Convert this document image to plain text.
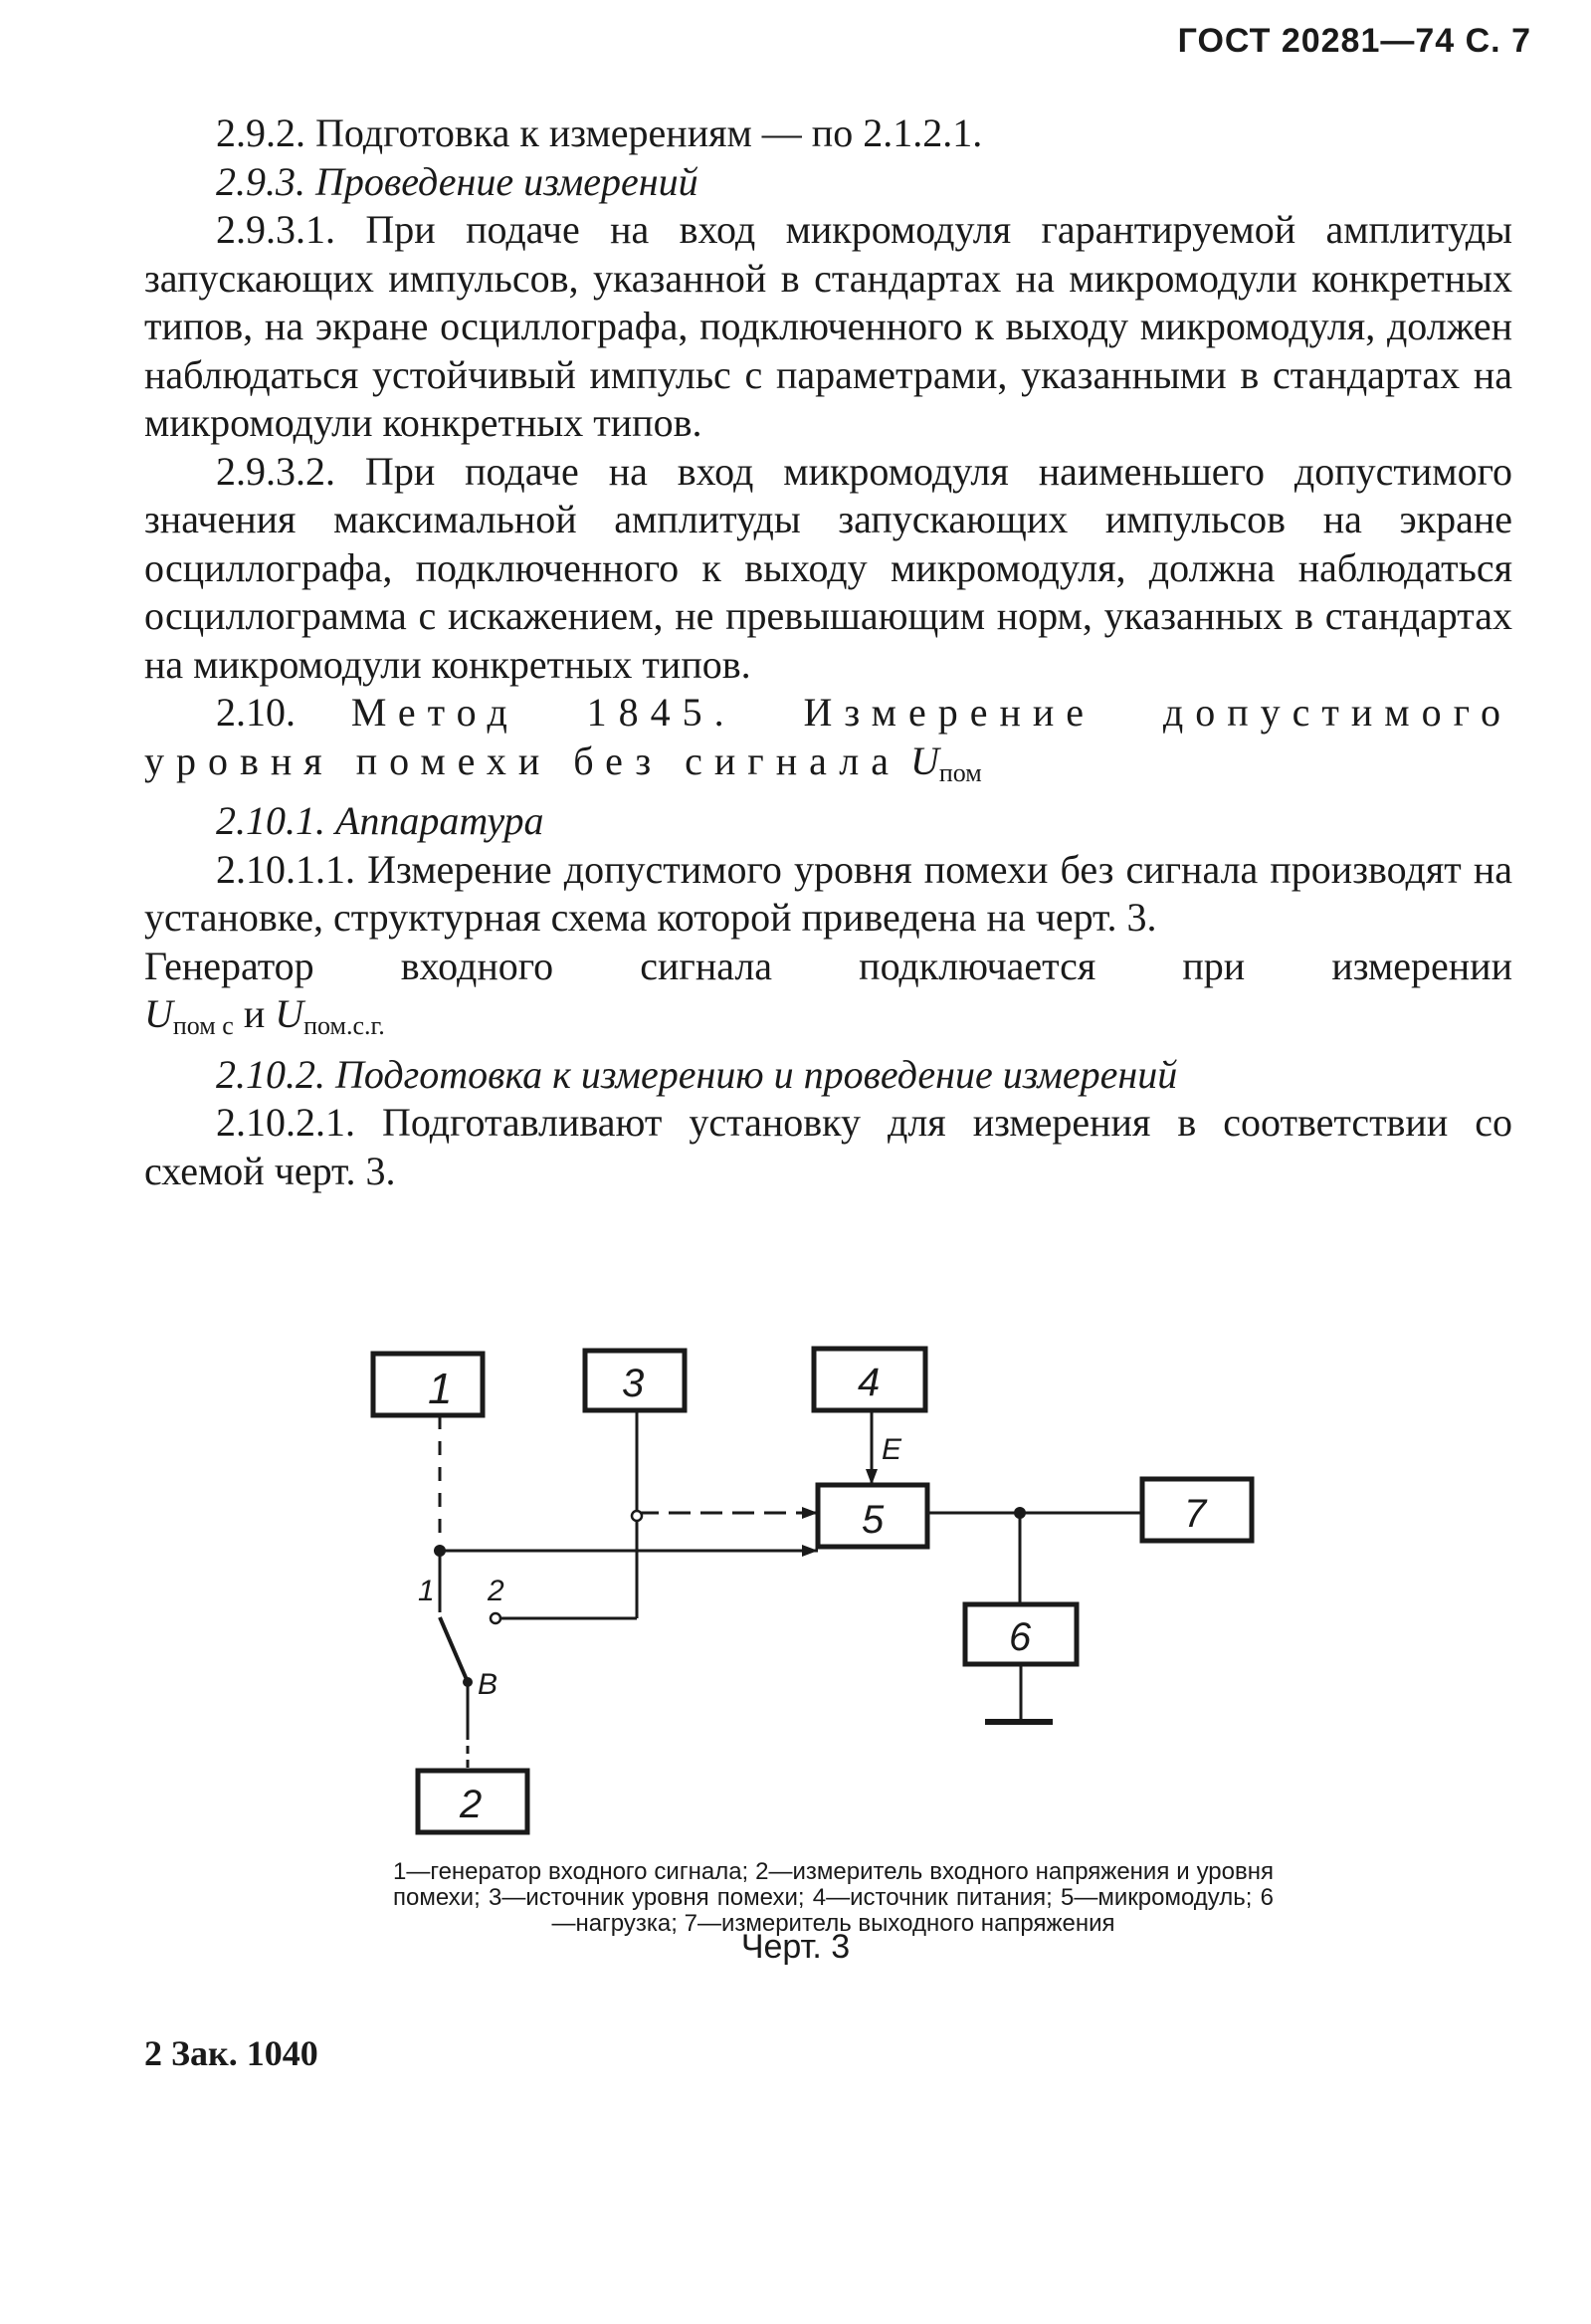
ГОСТ 20281—74 С. 7

2.9.2. Подготовка к измерениям — по 2.1.2.1.

2.9.3. Проведение измерений

2.9.3.1. При подаче на вход микромодуля гарантируемой амплитуды запускающих импульсов, указанной в стандартах на микромодули конкретных типов, на экране осциллографа, подключенного к выходу микромодуля, должен наблюдаться устойчивый импульс с параметрами, указанными в стандартах на микромодули конкретных типов.

2.9.3.2. При подаче на вход микромодуля наименьшего допустимого значения максимальной амплитуды запускающих импульсов на экране осциллографа, подключенного к выходу микромодуля, должна наблюдаться осциллограмма с искажением, не превышающим норм, указанных в стандартах на микромодули конкретных типов.

2.10. Метод 1845. Измерение допустимого уровня помехи без сигнала $U_{пом}$

2.10.1. Аппаратура

2.10.1.1. Измерение допустимого уровня помехи без сигнала производят на установке, структурная схема которой приведена на черт. 3.

Генератор входного сигнала подключается при измерении

$U_{пом с}$ и $U_{пом.с.г.}$

2.10.2. Подготовка к измерению и проведение измерений

2.10.2.1. Подготавливают установку для измерения в соответствии со схемой черт. 3.

1	3	4
5	7
6
2
E
1 2
В
1—генератор входного сигнала; 2—измеритель входного напряжения и уровня помехи; 3—источник уровня помехи; 4—источник питания; 5—микромодуль; 6—нагрузка; 7—измеритель выходного напряжения
Черт. 3
2 Зак. 1040
